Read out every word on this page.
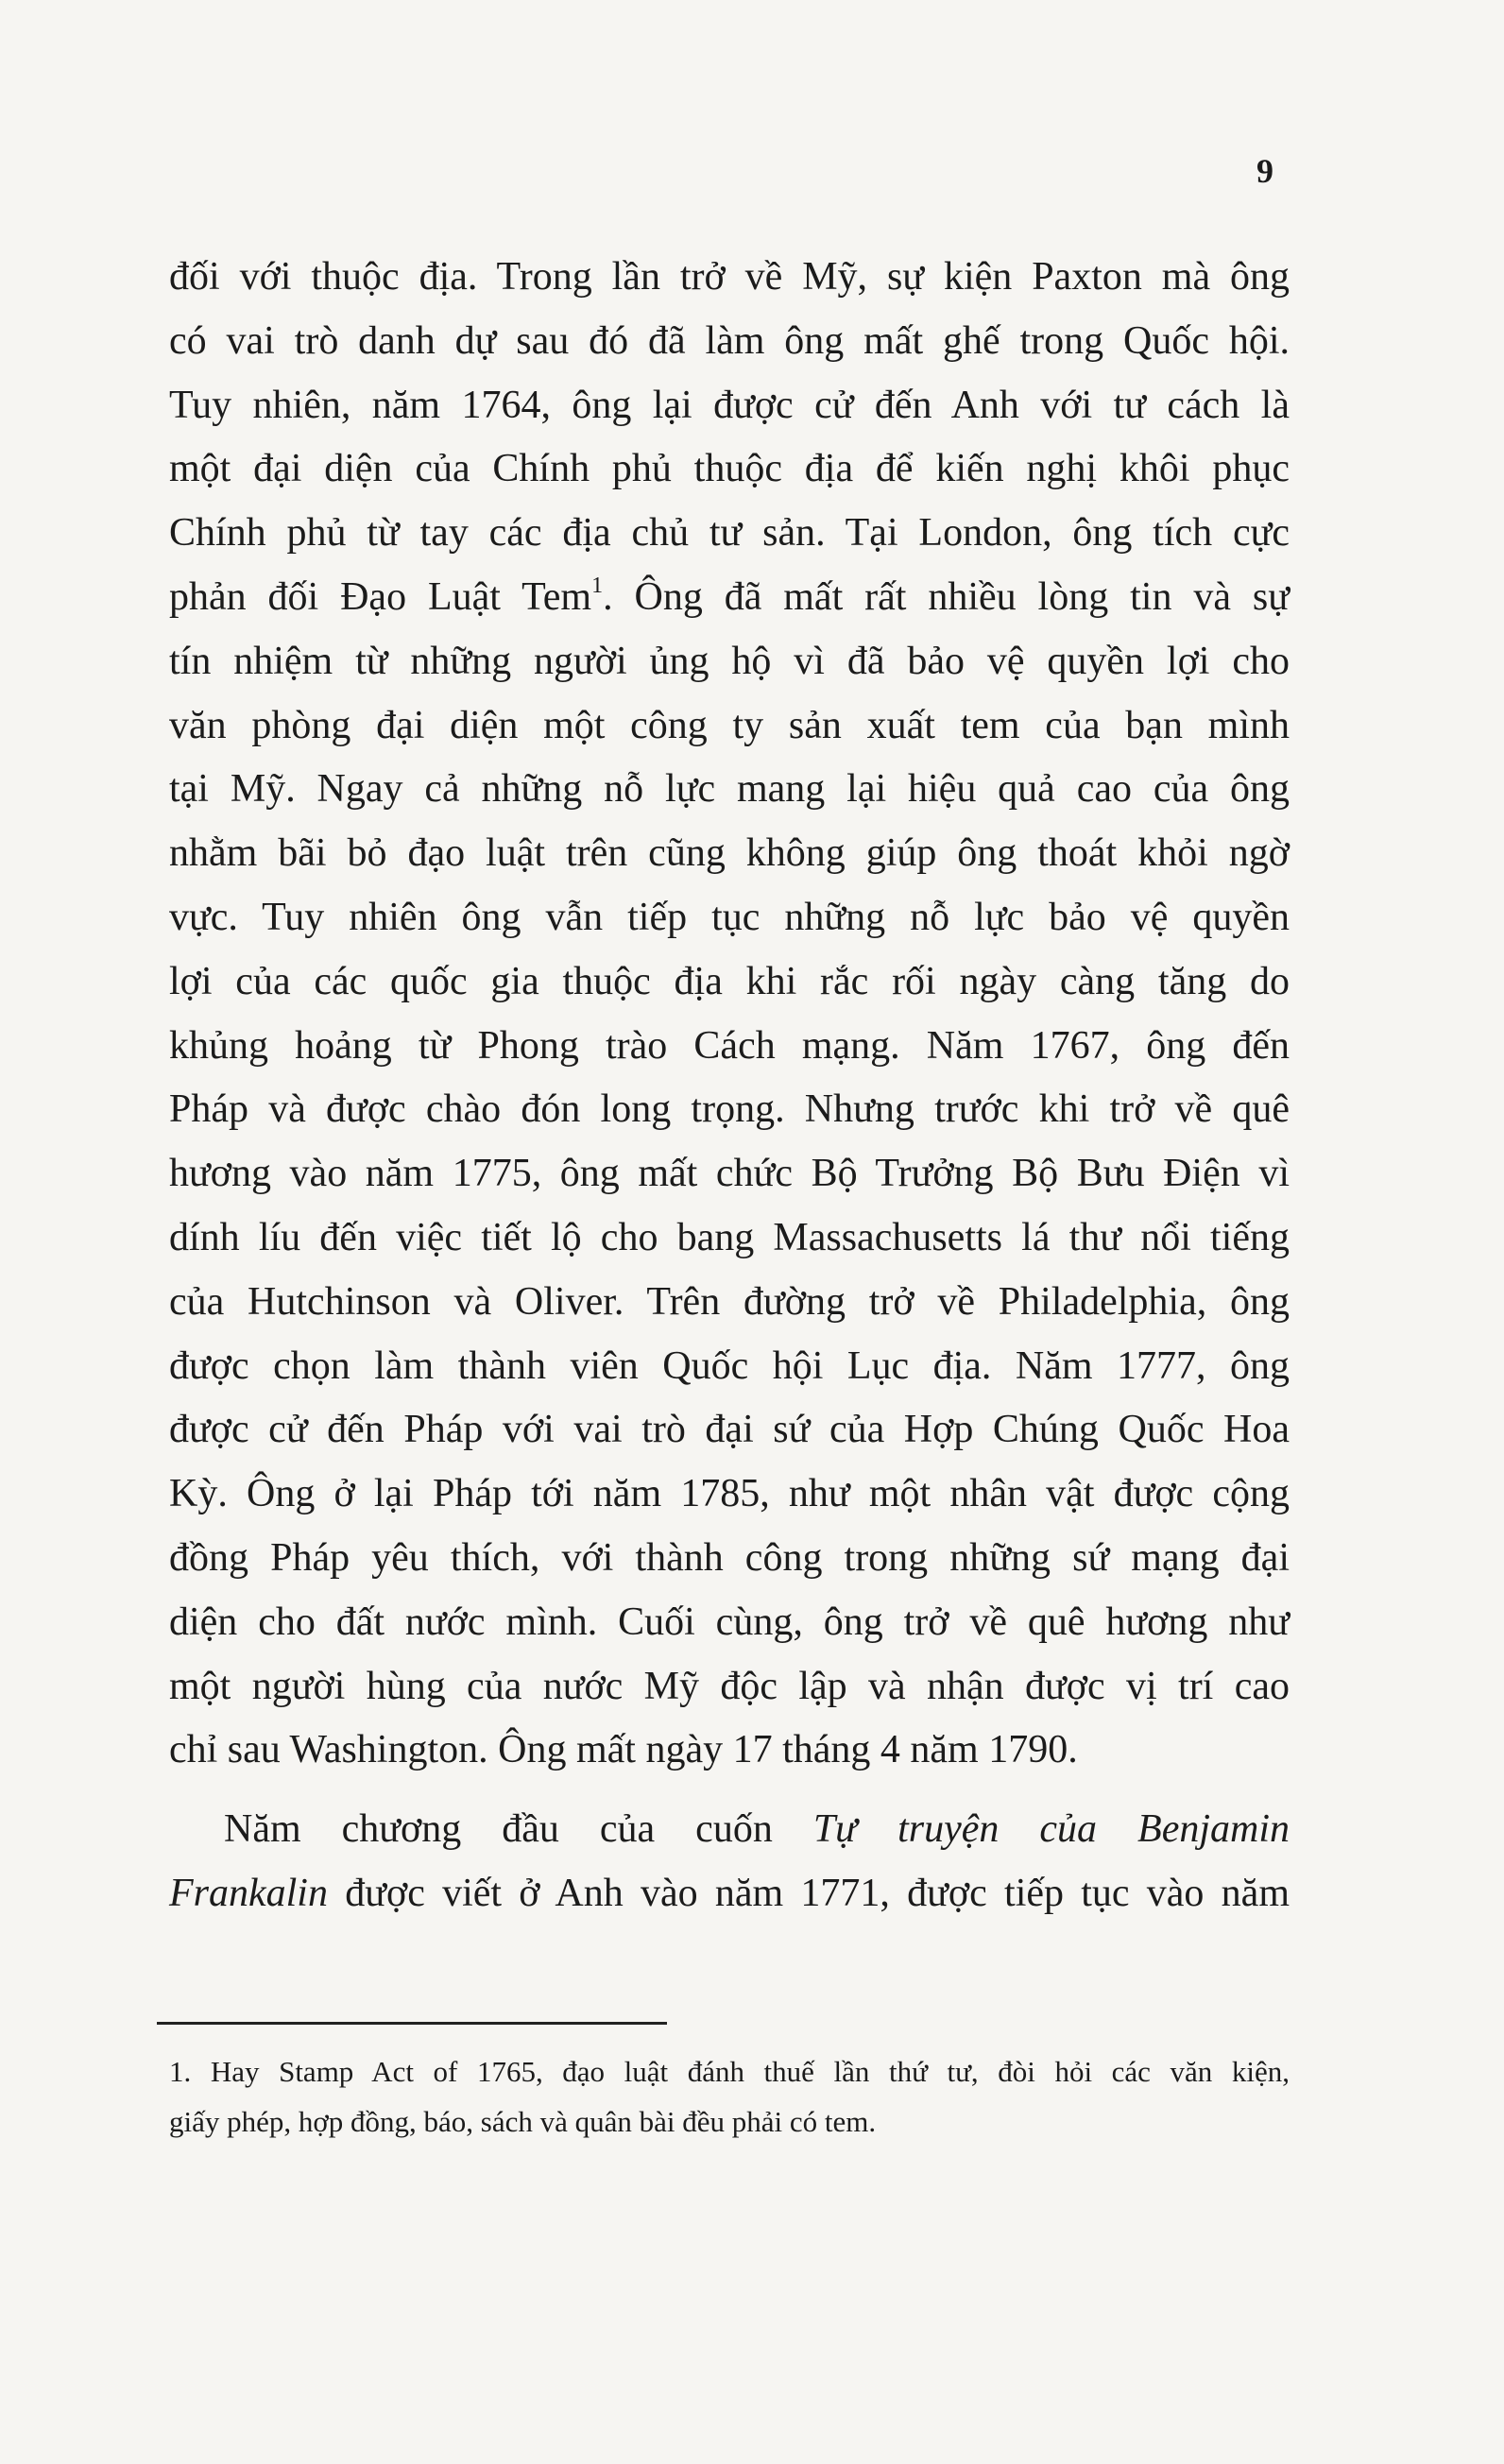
9
đối với thuộc địa. Trong lần trở về Mỹ, sự kiện Paxton mà ông
có vai trò danh dự sau đó đã làm ông mất ghế trong Quốc hội.
Tuy nhiên, năm 1764, ông lại được cử đến Anh với tư cách là
một đại diện của Chính phủ thuộc địa để kiến nghị khôi phục
Chính phủ từ tay các địa chủ tư sản. Tại London, ông tích cực
phản đối Đạo Luật Tem$^1$. Ông đã mất rất nhiều lòng tin và sự
tín nhiệm từ những người ủng hộ vì đã bảo vệ quyền lợi cho
văn phòng đại diện một công ty sản xuất tem của bạn mình
tại Mỹ. Ngay cả những nỗ lực mang lại hiệu quả cao của ông
nhằm bãi bỏ đạo luật trên cũng không giúp ông thoát khỏi ngờ
vực. Tuy nhiên ông vẫn tiếp tục những nỗ lực bảo vệ quyền
lợi của các quốc gia thuộc địa khi rắc rối ngày càng tăng do
khủng hoảng từ Phong trào Cách mạng. Năm 1767, ông đến
Pháp và được chào đón long trọng. Nhưng trước khi trở về quê
hương vào năm 1775, ông mất chức Bộ Trưởng Bộ Bưu Điện vì
dính líu đến việc tiết lộ cho bang Massachusetts lá thư nổi tiếng
của Hutchinson và Oliver. Trên đường trở về Philadelphia, ông
được chọn làm thành viên Quốc hội Lục địa. Năm 1777, ông
được cử đến Pháp với vai trò đại sứ của Hợp Chúng Quốc Hoa
Kỳ. Ông ở lại Pháp tới năm 1785, như một nhân vật được cộng
đồng Pháp yêu thích, với thành công trong những sứ mạng đại
diện cho đất nước mình. Cuối cùng, ông trở về quê hương như
một người hùng của nước Mỹ độc lập và nhận được vị trí cao
chỉ sau Washington. Ông mất ngày 17 tháng 4 năm 1790.
Năm chương đầu của cuốn Tự truyện của Benjamin
Frankalin được viết ở Anh vào năm 1771, được tiếp tục vào năm
1. Hay Stamp Act of 1765, đạo luật đánh thuế lần thứ tư, đòi hỏi các văn kiện,
giấy phép, hợp đồng, báo, sách và quân bài đều phải có tem.
